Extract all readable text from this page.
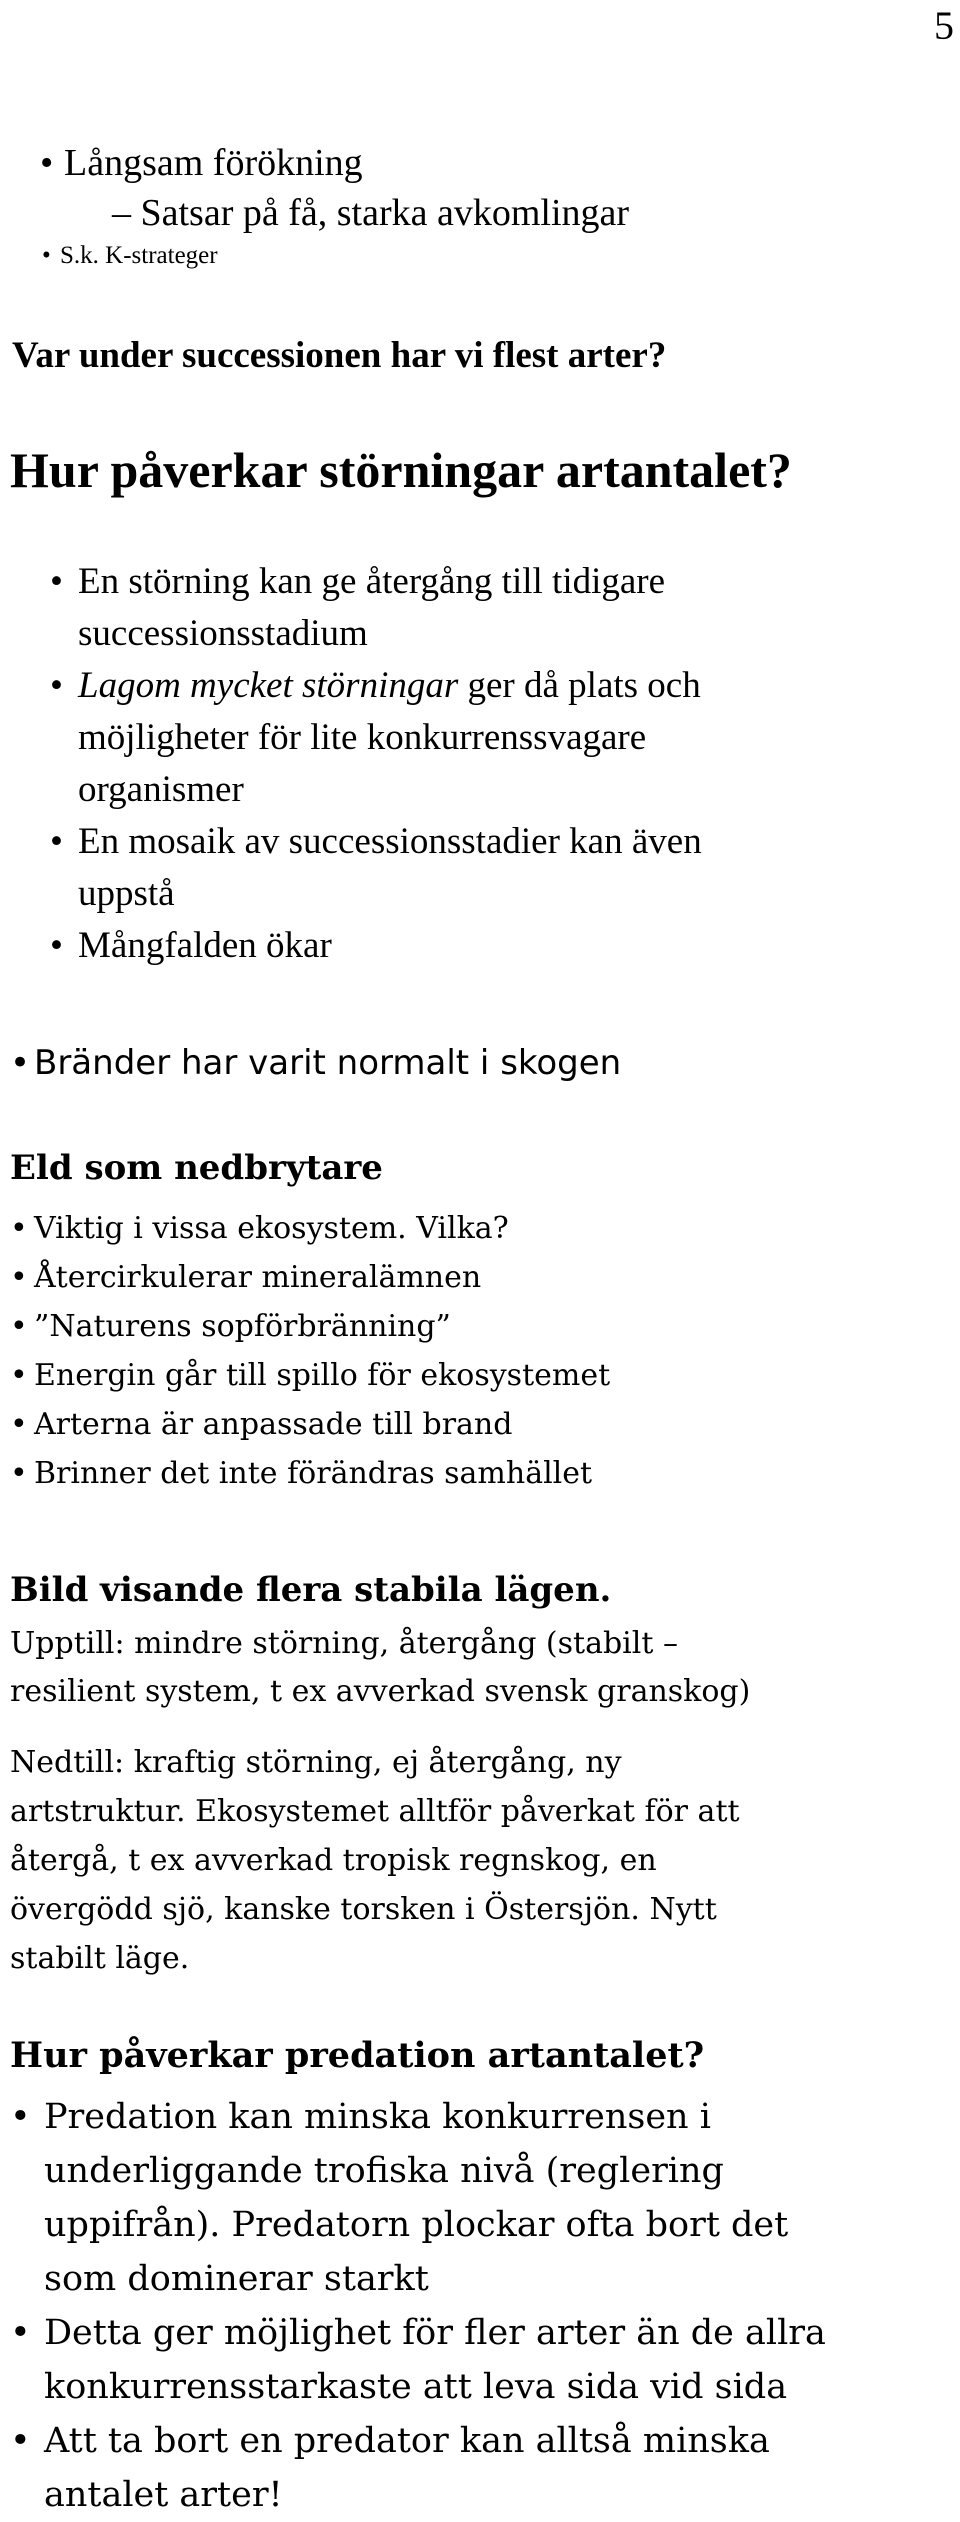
5
• Långsam förökning
– Satsar på få, starka avkomlingar
• S.k. K-strateger
Var under successionen har vi flest arter?
Hur påverkar störningar artantalet?
• En störning kan ge återgång till tidigare
successionsstadium
• Lagom mycket störningar ger då plats och
möjligheter för lite konkurrenssvagare
organismer
• En mosaik av successionsstadier kan även
uppstå
• Mångfalden ökar
• Bränder har varit normalt i skogen
Eld som nedbrytare
• Viktig i vissa ekosystem. Vilka?
• Återcirkulerar mineralämnen
• ”Naturens sopförbränning”
• Energin går till spillo för ekosystemet
• Arterna är anpassade till brand
• Brinner det inte förändras samhället
Bild visande flera stabila lägen.
Upptill: mindre störning, återgång (stabilt –
resilient system, t ex avverkad svensk granskog)
Nedtill: kraftig störning, ej återgång, ny
artstruktur. Ekosystemet alltför påverkat för att
återgå, t ex avverkad tropisk regnskog, en
övergödd sjö, kanske torsken i Östersjön. Nytt
stabilt läge.
Hur påverkar predation artantalet?
• Predation kan minska konkurrensen i
underliggande trofiska nivå (reglering
uppifrån). Predatorn plockar ofta bort det
som dominerar starkt
• Detta ger möjlighet för fler arter än de allra
konkurrensstarkaste att leva sida vid sida
• Att ta bort en predator kan alltså minska
antalet arter!
